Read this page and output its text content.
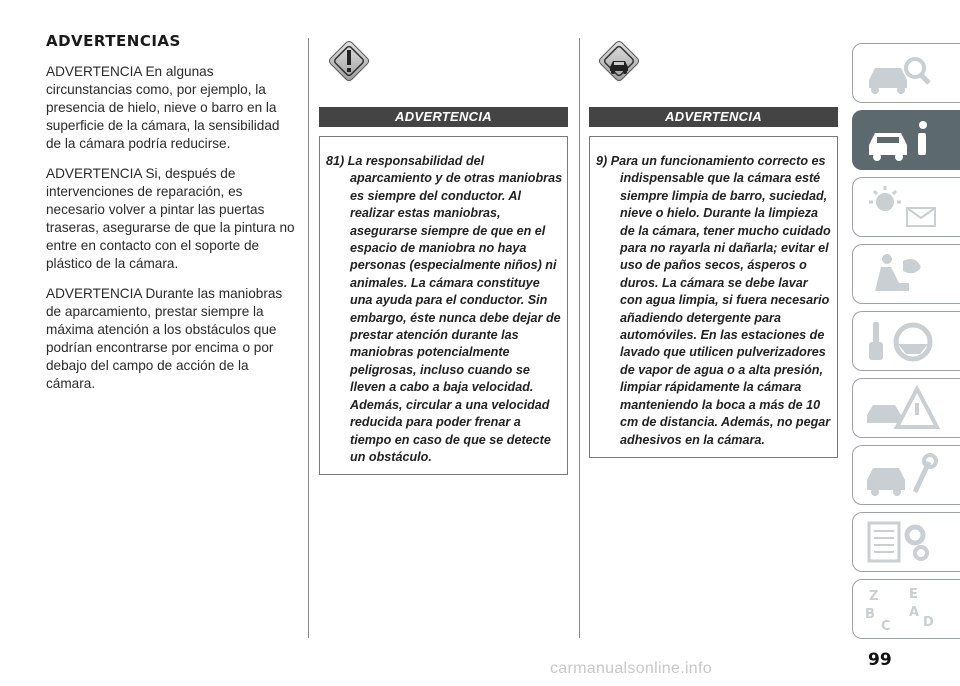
ADVERTENCIAS

ADVERTENCIA En algunas circunstancias como, por ejemplo, la presencia de hielo, nieve o barro en la superficie de la cámara, la sensibilidad de la cámara podría reducirse.

ADVERTENCIA Si, después de intervenciones de reparación, es necesario volver a pintar las puertas traseras, asegurarse de que la pintura no entre en contacto con el soporte de plástico de la cámara.

ADVERTENCIA Durante las maniobras de aparcamiento, prestar siempre la máxima atención a los obstáculos que podrían encontrarse por encima o por debajo del campo de acción de la cámara.

ADVERTENCIA

81) La responsabilidad del aparcamiento y de otras maniobras es siempre del conductor. Al realizar estas maniobras, asegurarse siempre de que en el espacio de maniobra no haya personas (especialmente niños) ni animales. La cámara constituye una ayuda para el conductor. Sin embargo, éste nunca debe dejar de prestar atención durante las maniobras potencialmente peligrosas, incluso cuando se lleven a cabo a baja velocidad. Además, circular a una velocidad reducida para poder frenar a tiempo en caso de que se detecte un obstáculo.

ADVERTENCIA

9) Para un funcionamiento correcto es indispensable que la cámara esté siempre limpia de barro, suciedad, nieve o hielo. Durante la limpieza de la cámara, tener mucho cuidado para no rayarla ni dañarla; evitar el uso de paños secos, ásperos o duros. La cámara se debe lavar con agua limpia, si fuera necesario añadiendo detergente para automóviles. En las estaciones de lavado que utilicen pulverizadores de vapor de agua o a alta presión, limpiar rápidamente la cámara manteniendo la boca a más de 10 cm de distancia. Además, no pegar adhesivos en la cámara.

Z E
B	A
C D
99
carmanualsonline.info
